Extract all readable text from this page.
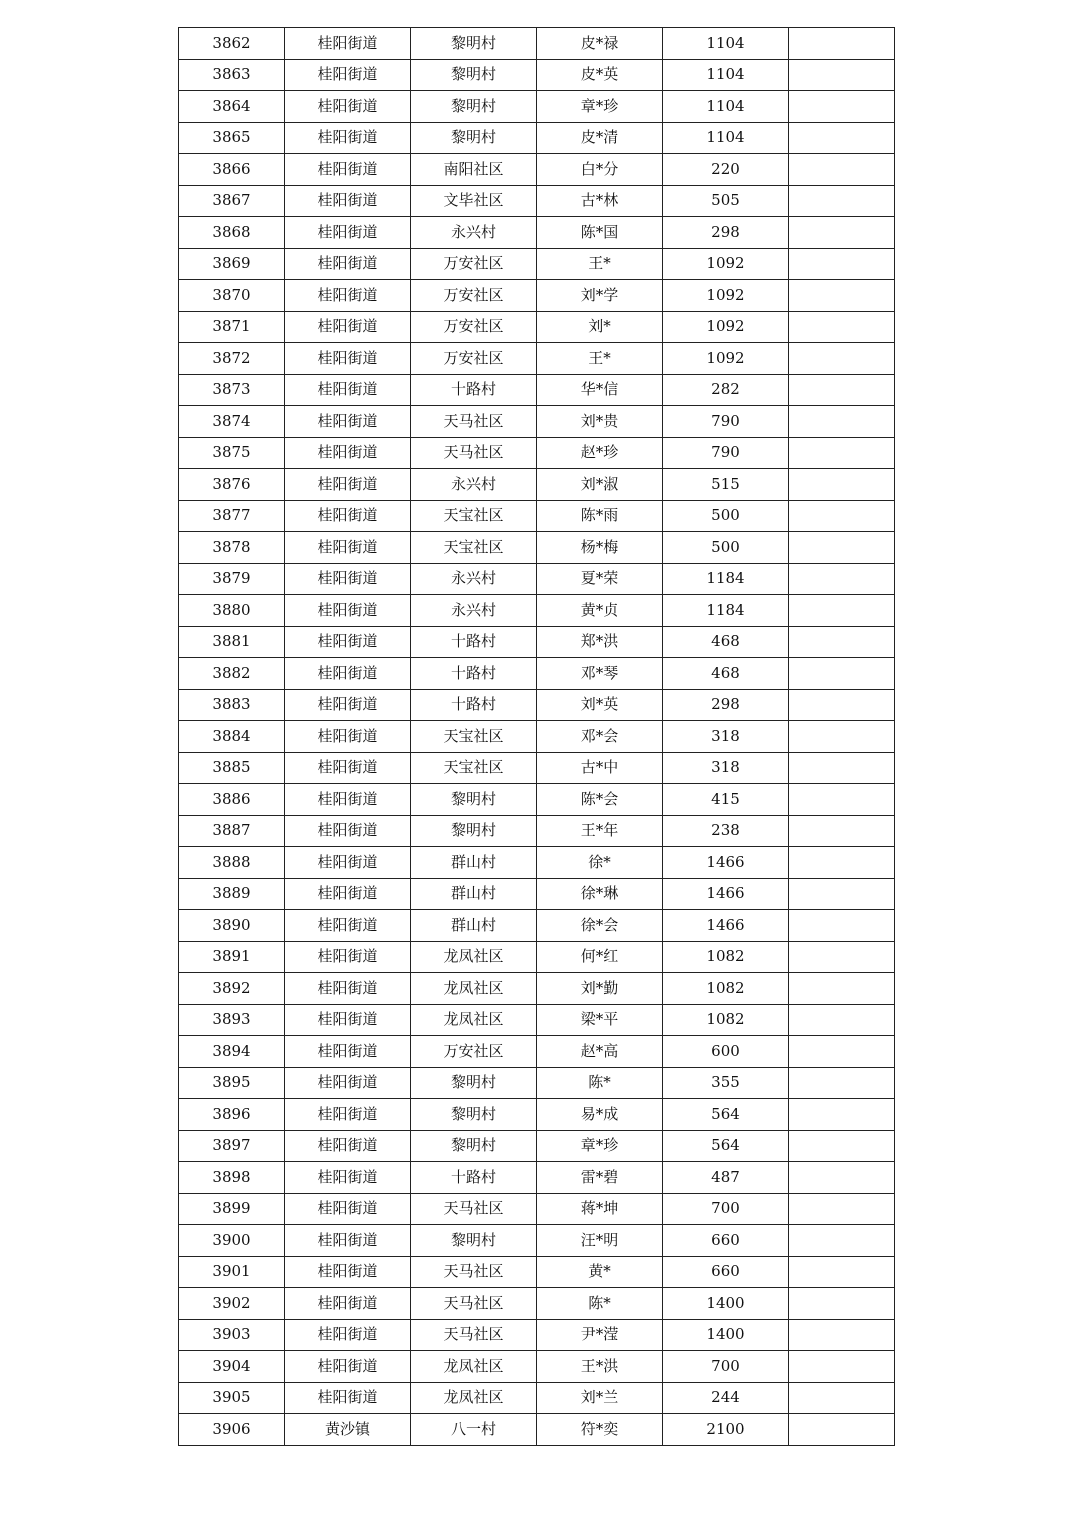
3862	桂阳街道	黎明村	皮*禄	1104	
3863	桂阳街道	黎明村	皮*英	1104	
3864	桂阳街道	黎明村	章*珍	1104	
3865	桂阳街道	黎明村	皮*清	1104	
3866	桂阳街道	南阳社区	白*分	220	
3867	桂阳街道	文毕社区	古*林	505	
3868	桂阳街道	永兴村	陈*国	298	
3869	桂阳街道	万安社区	王*	1092	
3870	桂阳街道	万安社区	刘*学	1092	
3871	桂阳街道	万安社区	刘*	1092	
3872	桂阳街道	万安社区	王*	1092	
3873	桂阳街道	十路村	华*信	282	
3874	桂阳街道	天马社区	刘*贵	790	
3875	桂阳街道	天马社区	赵*珍	790	
3876	桂阳街道	永兴村	刘*淑	515	
3877	桂阳街道	天宝社区	陈*雨	500	
3878	桂阳街道	天宝社区	杨*梅	500	
3879	桂阳街道	永兴村	夏*荣	1184	
3880	桂阳街道	永兴村	黄*贞	1184	
3881	桂阳街道	十路村	郑*洪	468	
3882	桂阳街道	十路村	邓*琴	468	
3883	桂阳街道	十路村	刘*英	298	
3884	桂阳街道	天宝社区	邓*会	318	
3885	桂阳街道	天宝社区	古*中	318	
3886	桂阳街道	黎明村	陈*会	415	
3887	桂阳街道	黎明村	王*年	238	
3888	桂阳街道	群山村	徐*	1466	
3889	桂阳街道	群山村	徐*琳	1466	
3890	桂阳街道	群山村	徐*会	1466	
3891	桂阳街道	龙凤社区	何*红	1082	
3892	桂阳街道	龙凤社区	刘*勤	1082	
3893	桂阳街道	龙凤社区	梁*平	1082	
3894	桂阳街道	万安社区	赵*高	600	
3895	桂阳街道	黎明村	陈*	355	
3896	桂阳街道	黎明村	易*成	564	
3897	桂阳街道	黎明村	章*珍	564	
3898	桂阳街道	十路村	雷*碧	487	
3899	桂阳街道	天马社区	蒋*坤	700	
3900	桂阳街道	黎明村	汪*明	660	
3901	桂阳街道	天马社区	黄*	660	
3902	桂阳街道	天马社区	陈*	1400	
3903	桂阳街道	天马社区	尹*滢	1400	
3904	桂阳街道	龙凤社区	王*洪	700	
3905	桂阳街道	龙凤社区	刘*兰	244	
3906	黄沙镇	八一村	符*奕	2100	
